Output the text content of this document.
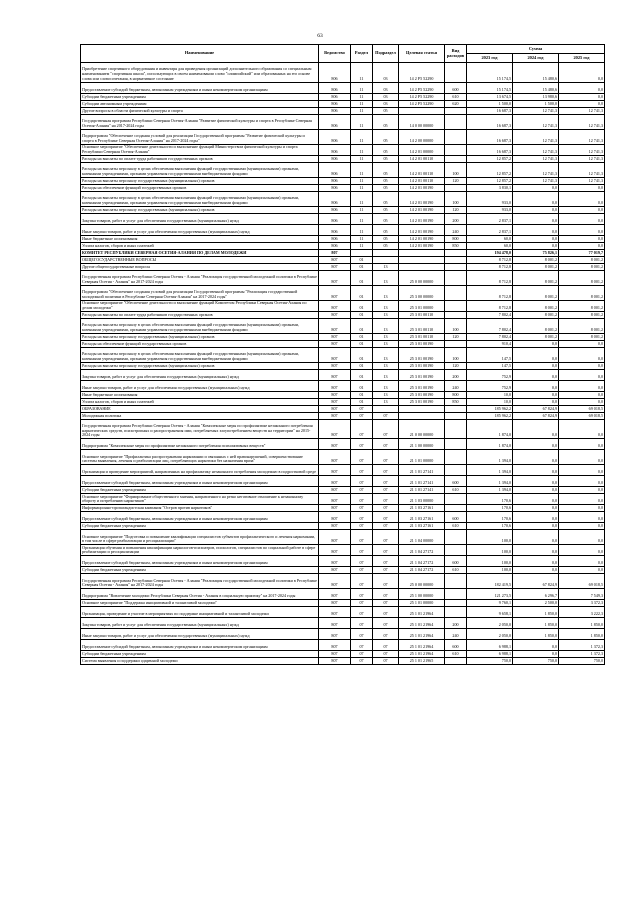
63
Наименование	Ведомство	Раздел	Подраздел	Целевая статья	Вид расходов	Сумма		
						2023 год	2024 год	2025 год
Приобретение спортивного оборудования и инвентаря для приведения организаций дополнительного образования со специальным наименованием "спортивная школа", использующих в своем наименовании слово "олимпийский" или образованных на его основе слова или словосочетания, в нормативное состояние	806	11	03	14 2 P5 52290		15 174,5	15 480,6	0,0
Предоставление субсидий бюджетным, автономным учреждениям и иным некоммерческим организациям	806	11	03	14 2 P5 52290	600	15 174,5	15 480,6	0,0
Субсидии бюджетным учреждениям	806	11	03	14 2 P5 52290	610	13 674,5	13 980,6	0,0
Субсидии автономным учреждениям	806	11	03	14 2 P5 52290	620	1 500,0	1 500,0	0,0
Другие вопросы в области физической культуры и спорта	806	11	05			16 687,3	12 741,3	12 741,3
Государственная программа Республики Северная Осетия-Алания "Развитие физической культуры и спорта в Республике Северная Осетия-Алания" на 2017-2024 годы	806	11	05	14 0 00 00000		16 687,3	12 741,3	12 741,3
Подпрограмма "Обеспечение создания условий для реализации Государственной программы "Развитие физической культуры и спорта в Республике Северная Осетия-Алания" на 2017-2024 годы"	806	11	05	14 2 00 00000		16 687,3	12 741,3	12 741,3
Основное мероприятие "Обеспечение деятельности и выполнение функций Министерством физической культуры и спорта Республики Северная Осетия-Алания"	806	11	05	14 2 01 00000		16 687,3	12 741,3	12 741,3
Расходы на выплаты по оплате труда работников государственных органов	806	11	05	14 2 01 00110		12 857,2	12 741,3	12 741,3
Расходы на выплаты персоналу в целях обеспечения выполнения функций государственными (муниципальными) органами, казенными учреждениями, органами управления государственными внебюджетными фондами	806	11	05	14 2 01 00110	100	12 857,2	12 741,3	12 741,3
Расходы на выплаты персоналу государственных (муниципальных) органов	806	11	05	14 2 01 00110	120	12 857,2	12 741,3	12 741,3
Расходы на обеспечение функций государственных органов	806	11	05	14 2 01 00190		3 830,1	0,0	0,0
Расходы на выплаты персоналу в целях обеспечения выполнения функций государственными (муниципальными) органами, казенными учреждениями, органами управления государственными внебюджетными фондами	806	11	05	14 2 01 00190	100	933,0	0,0	0,0
Расходы на выплаты персоналу государственных (муниципальных) органов	806	11	05	14 2 01 00190	120	933,0	0,0	0,0
Закупка товаров, работ и услуг для обеспечения государственных (муниципальных) нужд	806	11	05	14 2 01 00190	200	2 837,1	0,0	0,0
Иные закупки товаров, работ и услуг для обеспечения государственных (муниципальных) нужд	806	11	05	14 2 01 00190	240	2 837,1	0,0	0,0
Иные бюджетные ассигнования	806	11	05	14 2 01 00190	800	60,0	0,0	0,0
Уплата налогов, сборов и иных платежей	806	11	05	14 2 01 00190	850	60,0	0,0	0,0
КОМИТЕТ РЕСПУБЛИКИ СЕВЕРНАЯ ОСЕТИЯ-АЛАНИЯ ПО ДЕЛАМ МОЛОДЕЖИ	807					194 478,0	75 826,1	77 019,7
ОБЩЕГОСУДАРСТВЕННЫЕ ВОПРОСЫ	807	01				8 712,8	8 001,2	8 001,2
Другие общегосударственные вопросы	807	01	13			8 712,8	8 001,2	8 001,2
Государственная программа Республики Северная Осетия - Алания "Реализация государственной молодежной политики в Республике Северная Осетия - Алания" на 2017-2024 годы	807	01	13	25 0 00 00000		8 712,8	8 001,2	8 001,2
Подпрограмма "Обеспечение создания условий для реализации Государственной программы "Реализация государственной молодежной политики в Республике Северная Осетия-Алания" на 2017-2024 годы"	807	01	13	25 3 00 00000		8 712,8	8 001,2	8 001,2
Основное мероприятие "Обеспечение деятельности и выполнение функций Комитетом Республики Северная Осетия-Алания по делам молодежи"	807	01	13	25 3 01 00000		8 712,8	8 001,2	8 001,2
Расходы на выплаты по оплате труда работников государственных органов	807	01	13	25 3 01 00110		7 802,4	8 001,2	8 001,2
Расходы на выплаты персоналу в целях обеспечения выполнения функций государственными (муниципальными) органами, казенными учреждениями, органами управления государственными внебюджетными фондами	807	01	13	25 3 01 00110	100	7 802,4	8 001,2	8 001,2
Расходы на выплаты персоналу государственных (муниципальных) органов	807	01	13	25 3 01 00110	120	7 802,4	8 001,2	8 001,2
Расходы на обеспечение функций государственных органов	807	01	13	25 3 01 00190		910,4	0,0	0,0
Расходы на выплаты персоналу в целях обеспечения выполнения функций государственными (муниципальными) органами, казенными учреждениями, органами управления государственными внебюджетными фондами	807	01	13	25 3 01 00190	100	147,5	0,0	0,0
Расходы на выплаты персоналу государственных (муниципальных) органов	807	01	13	25 3 01 00190	120	147,5	0,0	0,0
Закупка товаров, работ и услуг для обеспечения государственных (муниципальных) нужд	807	01	13	25 3 01 00190	200	752,9	0,0	0,0
Иные закупки товаров, работ и услуг для обеспечения государственных (муниципальных) нужд	807	01	13	25 3 01 00190	240	752,9	0,0	0,0
Иные бюджетные ассигнования	807	01	13	25 3 01 00190	800	10,0	0,0	0,0
Уплата налогов, сборов и иных платежей	807	01	13	25 3 01 00190	850	10,0	0,0	0,0
ОБРАЗОВАНИЕ	807	07				185 962,2	67 824,9	69 018,5
Молодежная политика	807	07	07			185 962,2	67 824,9	69 018,5
Государственная программа Республики Северная Осетия - Алания "Комплексные меры по профилактике незаконного потребления наркотических средств, психотропных и распространения ими, потребляемых злоупотреблением веществ на территории" на 2015-2024 годы	807	07	07	21 0 00 00000		1 874,0	0,0	0,0
Подпрограмма "Комплексные меры по профилактике незаконного потребления психоактивных веществ"	807	07	07	21 1 00 00000		1 874,0	0,0	0,0
Основное мероприятие "Профилактика распространения наркомании и связанных с ней правонарушений, совершенствование системы выявления, лечения и реабилитации лиц, потребляющих наркотики без назначения врача"	807	07	07	21 1 01 00000		1 394,0	0,0	0,0
Организация и проведение мероприятий, направленных на профилактику незаконного потребления молодежью в подростковой среде	807	07	07	21 1 01 27141		1 394,0	0,0	0,0
Предоставление субсидий бюджетным, автономным учреждениям и иным некоммерческим организациям	807	07	07	21 1 01 27141	600	1 394,0	0,0	0,0
Субсидии бюджетным учреждениям	807	07	07	21 1 01 27141	610	1 394,0	0,0	0,0
Основное мероприятие "Формирование общественного мнения, направленного на резко негативное отношение к незаконному обороту и потреблению наркотиков"	807	07	07	21 1 03 00000		170,6	0,0	0,0
Информационно-пропагандистская кампания "Остров против наркотиков"	807	07	07	21 1 03 27161		170,6	0,0	0,0
Предоставление субсидий бюджетным, автономным учреждениям и иным некоммерческим организациям	807	07	07	21 1 03 27161	600	170,6	0,0	0,0
Субсидии бюджетным учреждениям	807	07	07	21 1 03 27161	610	170,6	0,0	0,0
Основное мероприятие "Подготовка и повышение квалификации специалистов субъектов профилактического и лечения наркомании, в том числе в сфере реабилитации и ресоциализации"	807	07	07	21 1 04 00000		100,0	0,0	0,0
Организация обучения и повышения квалификации наркологов-психиатров, психологов, специалистов по социальной работе в сфере реабилитации и ресоциализации	807	07	07	21 1 04 27172		100,0	0,0	0,0
Предоставление субсидий бюджетным, автономным учреждениям и иным некоммерческим организациям	807	07	07	21 1 04 27172	600	100,0	0,0	0,0
Субсидии бюджетным учреждениям	807	07	07	21 1 04 27172	610	100,0	0,0	0,0
Государственная программа Республики Северная Осетия - Алания "Реализация государственной молодежной политики в Республике Северная Осетия - Алания" на 2017-2024 годы	807	07	07	25 0 00 00000		182 419,5	67 824,9	69 018,5
Подпрограмма "Вовлечение молодежи Республики Северная Осетия - Алания в социальную практику" на 2017-2024 годы	807	07	07	25 1 00 00000		121 273,5	6 296,7	7 549,3
Основное мероприятие "Поддержка инициативной и талантливой молодежи"	807	07	07	25 1 01 00000		9 760,1	2 500,0	3 372,3
Организация, проведение и участие в мероприятиях по поддержке инициативной и талантливой молодежи	807	07	07	25 1 01 21964		9 658,1	1 850,0	3 222,3
Закупка товаров, работ и услуг для обеспечения государственных (муниципальных) нужд	807	07	07	25 1 01 21964	200	2 050,0	1 850,0	1 850,0
Иные закупки товаров, работ и услуг для обеспечения государственных (муниципальных) нужд	807	07	07	25 1 01 21964	240	2 050,0	1 850,0	1 850,0
Предоставление субсидий бюджетным, автономным учреждениям и иным некоммерческим организациям	807	07	07	25 1 01 21964	600	6 988,1	0,0	1 372,3
Субсидии бюджетным учреждениям	807	07	07	25 1 01 21964	610	6 988,1	0,0	1 372,3
Система выявления и поддержки одаренной молодежи	807	07	07	25 1 01 21965		750,0	750,0	750,0
